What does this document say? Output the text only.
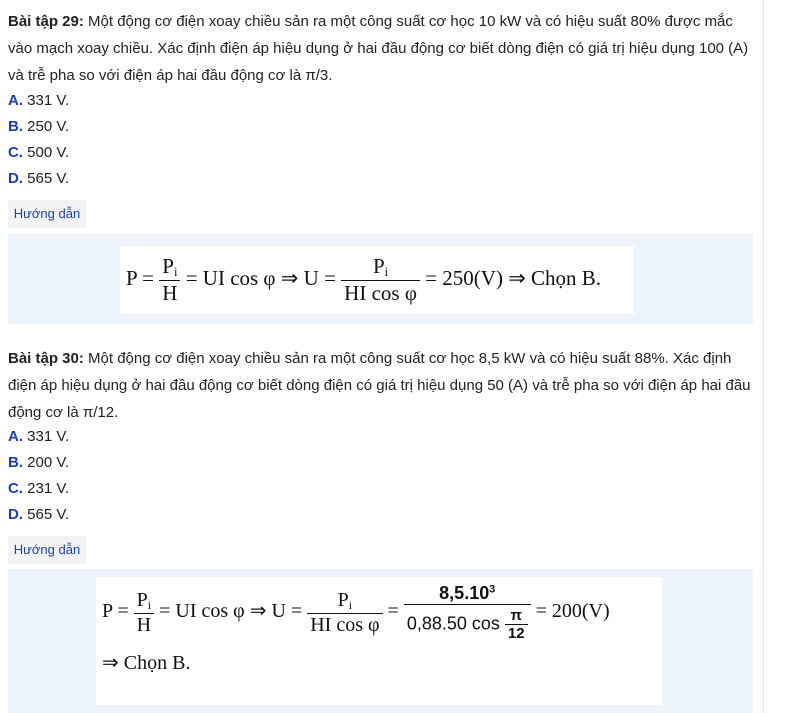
Bài tập 29: Một động cơ điện xoay chiều sản ra một công suất cơ học 10 kW và có hiệu suất 80% được mắc vào mạch xoay chiều. Xác định điện áp hiệu dụng ở hai đầu động cơ biết dòng điện có giá trị hiệu dụng 100 (A) và trễ pha so với điện áp hai đầu động cơ là π/3.
A. 331 V.
B. 250 V.
C. 500 V.
D. 565 V.
Hướng dẫn
$P = \frac{P_i}{H}$ = UI cos φ ⇒ $U = \frac{P_i}{\text{HI cos φ}} = 250(V)$ ⇒ Chọn B.
Bài tập 30: Một động cơ điện xoay chiều sản ra một công suất cơ học 8,5 kW và có hiệu suất 88%. Xác định điện áp hiệu dụng ở hai đầu động cơ biết dòng điện có giá trị hiệu dụng 50 (A) và trễ pha so với điện áp hai đầu động cơ là π/12.
A. 331 V.
B. 200 V.
C. 231 V.
D. 565 V.
Hướng dẫn
$P = \frac{P_i}{H}$ = UI cos φ ⇒ $U = \frac{P_i}{\text{HI cos φ}} = \frac{8,5.10^3}{0,88.50 \cos \frac{\pi}{12}} = 200(V)$
⇒ Chọn B.
